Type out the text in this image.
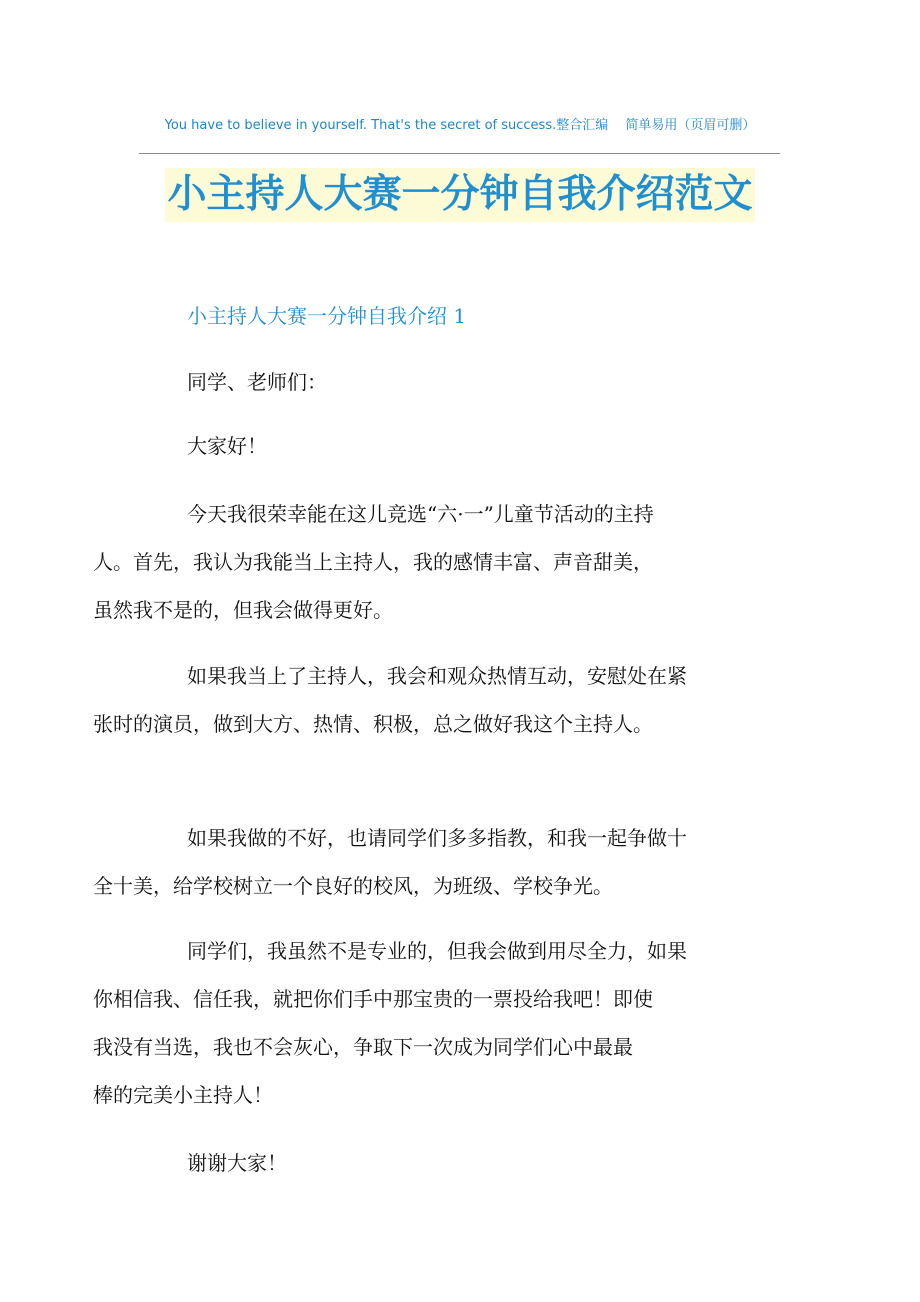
You have to believe in yourself. That's the secret of success.整合汇编　 简单易用（页眉可删）
小主持人大赛一分钟自我介绍范文
小主持人大赛一分钟自我介绍 1

同学、老师们：

大家好！

今天我很荣幸能在这儿竞选“六·一”儿童节活动的主持
人。首先，我认为我能当上主持人，我的感情丰富、声音甜美，
虽然我不是的，但我会做得更好。

如果我当上了主持人，我会和观众热情互动，安慰处在紧
张时的演员，做到大方、热情、积极，总之做好我这个主持人。

如果我做的不好，也请同学们多多指教，和我一起争做十
全十美，给学校树立一个良好的校风，为班级、学校争光。

同学们，我虽然不是专业的，但我会做到用尽全力，如果
你相信我、信任我，就把你们手中那宝贵的一票投给我吧！即使
我没有当选，我也不会灰心，争取下一次成为同学们心中最最
棒的完美小主持人！

谢谢大家！
